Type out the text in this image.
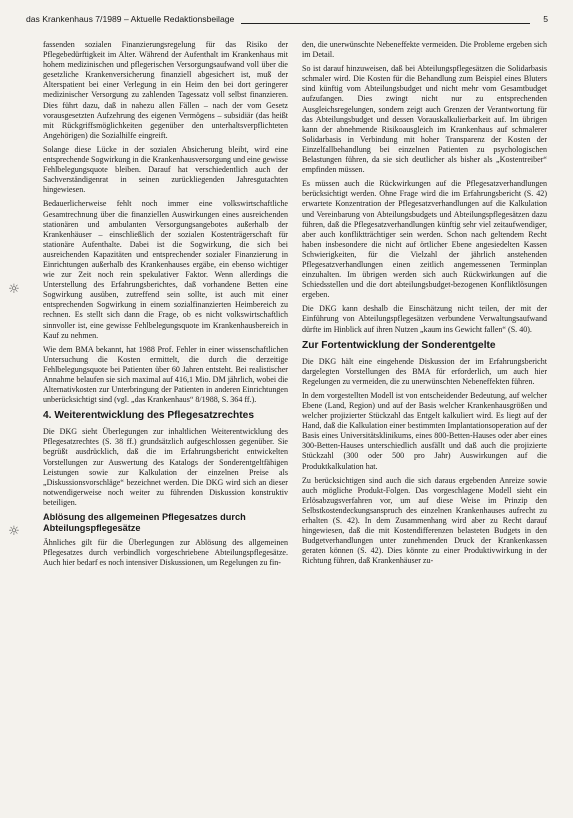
das Krankenhaus 7/1989 – Aktuelle Redaktionsbeilage	5
☼
☼

fassenden sozialen Finanzierungsregelung für das Risiko der Pflegebedürftigkeit im Alter. Während der Aufenthalt im Krankenhaus mit hohem medizinischen und pflegerischen Versorgungsaufwand voll über die gesetzliche Krankenversicherung finanziell abgesichert ist, muß der Alterspatient bei einer Verlegung in ein Heim den bei dort geringerer medizinischer Versorgung zu zahlenden Tagessatz voll selbst finanzieren. Dies führt dazu, daß in nahezu allen Fällen – nach der vom Gesetz vorausgesetzten Aufzehrung des eigenen Vermögens – subsidiär (das heißt mit Rückgriffsmöglichkeiten gegenüber den unterhaltsverpflichteten Angehörigen) die Sozialhilfe eingreift.

Solange diese Lücke in der sozialen Absicherung bleibt, wird eine entsprechende Sogwirkung in die Krankenhausversorgung und eine gewisse Fehlbelegungsquote bleiben. Darauf hat verschiedentlich auch der Sachverständigenrat in seinen zurückliegenden Jahresgutachten hingewiesen.

Bedauerlicherweise fehlt noch immer eine volkswirtschaftliche Gesamtrechnung über die finanziellen Auswirkungen eines ausreichenden stationären und ambulanten Versorgungsangebotes außerhalb der Krankenhäuser – einschließlich der sozialen Kostenträgerschaft für stationäre Aufenthalte. Dabei ist die Sogwirkung, die sich bei ausreichenden Kapazitäten und entsprechender sozialer Finanzierung in Einrichtungen außerhalb des Krankenhauses ergäbe, ein ebenso wichtiger wie zur Zeit noch rein spekulativer Faktor. Wenn allerdings die Unterstellung des Erfahrungsberichtes, daß vorhandene Betten eine Sogwirkung ausüben, zutreffend sein sollte, ist auch mit einer entsprechenden Sogwirkung in einem sozialfinanzierten Heimbereich zu rechnen. Es stellt sich dann die Frage, ob es nicht volkswirtschaftlich sinnvoller ist, eine gewisse Fehlbelegungsquote im Krankenhausbereich in Kauf zu nehmen.

Wie dem BMA bekannt, hat 1988 Prof. Fehler in einer wissenschaftlichen Untersuchung die Kosten ermittelt, die durch die derzeitige Fehlbelegungsquote bei Patienten über 60 Jahren entsteht. Bei realistischer Annahme belaufen sie sich maximal auf 416,1 Mio. DM jährlich, wobei die Alternativkosten zur Unterbringung der Patienten in anderen Einrichtungen unberücksichtigt sind (vgl. „das Krankenhaus“ 8/1988, S. 364 ff.).

4. Weiterentwicklung des Pflegesatzrechtes

Die DKG sieht Überlegungen zur inhaltlichen Weiterentwicklung des Pflegesatzrechtes (S. 38 ff.) grundsätzlich aufgeschlossen gegenüber. Sie begrüßt ausdrücklich, daß die im Erfahrungsbericht entwickelten Vorstellungen zur Auswertung des Katalogs der Sonderentgeltfähigen Leistungen sowie zur Kalkulation der einzelnen Preise als „Diskussionsvorschläge“ bezeichnet werden. Die DKG wird sich an dieser notwendigerweise noch weiter zu führenden Diskussion konstruktiv beteiligen.

Ablösung des allgemeinen Pflegesatzes durch Abteilungspflegesätze

Ähnliches gilt für die Überlegungen zur Ablösung des allgemeinen Pflegesatzes durch verbindlich vorgeschriebene Abteilungspflegesätze. Auch hier bedarf es noch intensiver Diskussionen, um Regelungen zu fin-

den, die unerwünschte Nebeneffekte vermeiden. Die Probleme ergeben sich im Detail.

So ist darauf hinzuweisen, daß bei Abteilungspflegesätzen die Solidarbasis schmaler wird. Die Kosten für die Behandlung zum Beispiel eines Bluters sind künftig vom Abteilungsbudget und nicht mehr vom Gesamtbudget aufzufangen. Dies zwingt nicht nur zu entsprechenden Ausgleichsregelungen, sondern zeigt auch Grenzen der Verantwortung für das Abteilungsbudget und dessen Vorauskalkulierbarkeit auf. Im übrigen kann der abnehmende Risikoausgleich im Krankenhaus auf schmalerer Solidarbasis in Verbindung mit hoher Transparenz der Kosten der Einzelfallbehandlung bei einzelnen Patienten zu psychologischen Belastungen führen, da sie sich deutlicher als bisher als „Kostentreiber“ empfinden müssen.

Es müssen auch die Rückwirkungen auf die Pflegesatzverhandlungen berücksichtigt werden. Ohne Frage wird die im Erfahrungsbericht (S. 42) erwartete Konzentration der Pflegesatzverhandlungen auf die Kalkulation und Vereinbarung von Abteilungsbudgets und Abteilungspflegesätzen dazu führen, daß die Pflegesatzverhandlungen künftig sehr viel zeitaufwendiger, aber auch konfliktträchtiger sein werden. Schon nach geltendem Recht haben insbesondere die nicht auf örtlicher Ebene angesiedelten Kassen Schwierigkeiten, für die Vielzahl der jährlich anstehenden Pflegesatzverhandlungen einen zeitlich angemessenen Terminplan einzuhalten. Im übrigen werden sich auch Rückwirkungen auf die Schiedsstellen und die dort abteilungsbudget-bezogenen Konfliktlösungen ergeben.

Die DKG kann deshalb die Einschätzung nicht teilen, der mit der Einführung von Abteilungspflegesätzen verbundene Verwaltungsaufwand dürfte im Hinblick auf ihren Nutzen „kaum ins Gewicht fallen“ (S. 40).

Zur Fortentwicklung der Sonderentgelte

Die DKG hält eine eingehende Diskussion der im Erfahrungsbericht dargelegten Vorstellungen des BMA für erforderlich, um auch hier Regelungen zu vermeiden, die zu unerwünschten Nebeneffekten führen.

In dem vorgestellten Modell ist von entscheidender Bedeutung, auf welcher Ebene (Land, Region) und auf der Basis welcher Krankenhausgrößen und welcher projizierter Stückzahl das Entgelt kalkuliert wird. Es liegt auf der Hand, daß die Kalkulation einer bestimmten Implantationsoperation auf der Basis eines Universitätsklinikums, eines 800-Betten-Hauses oder aber eines 300-Betten-Hauses unterschiedlich ausfällt und daß auch die projizierte Stückzahl (300 oder 500 pro Jahr) Auswirkungen auf die Produktkalkulation hat.

Zu berücksichtigen sind auch die sich daraus ergebenden Anreize sowie auch mögliche Produkt-Folgen. Das vorgeschlagene Modell sieht ein Erlösabzugsverfahren vor, um auf diese Weise im Prinzip den Selbstkostendeckungsanspruch des einzelnen Krankenhauses aufrecht zu erhalten (S. 42). In dem Zusammenhang wird aber zu Recht darauf hingewiesen, daß die mit Kostendifferenzen belasteten Budgets in den Budgetverhandlungen unter zunehmenden Druck der Krankenkassen geraten können (S. 42). Dies könnte zu einer Produktivwirkung in der Richtung führen, daß Krankenhäuser zu-
